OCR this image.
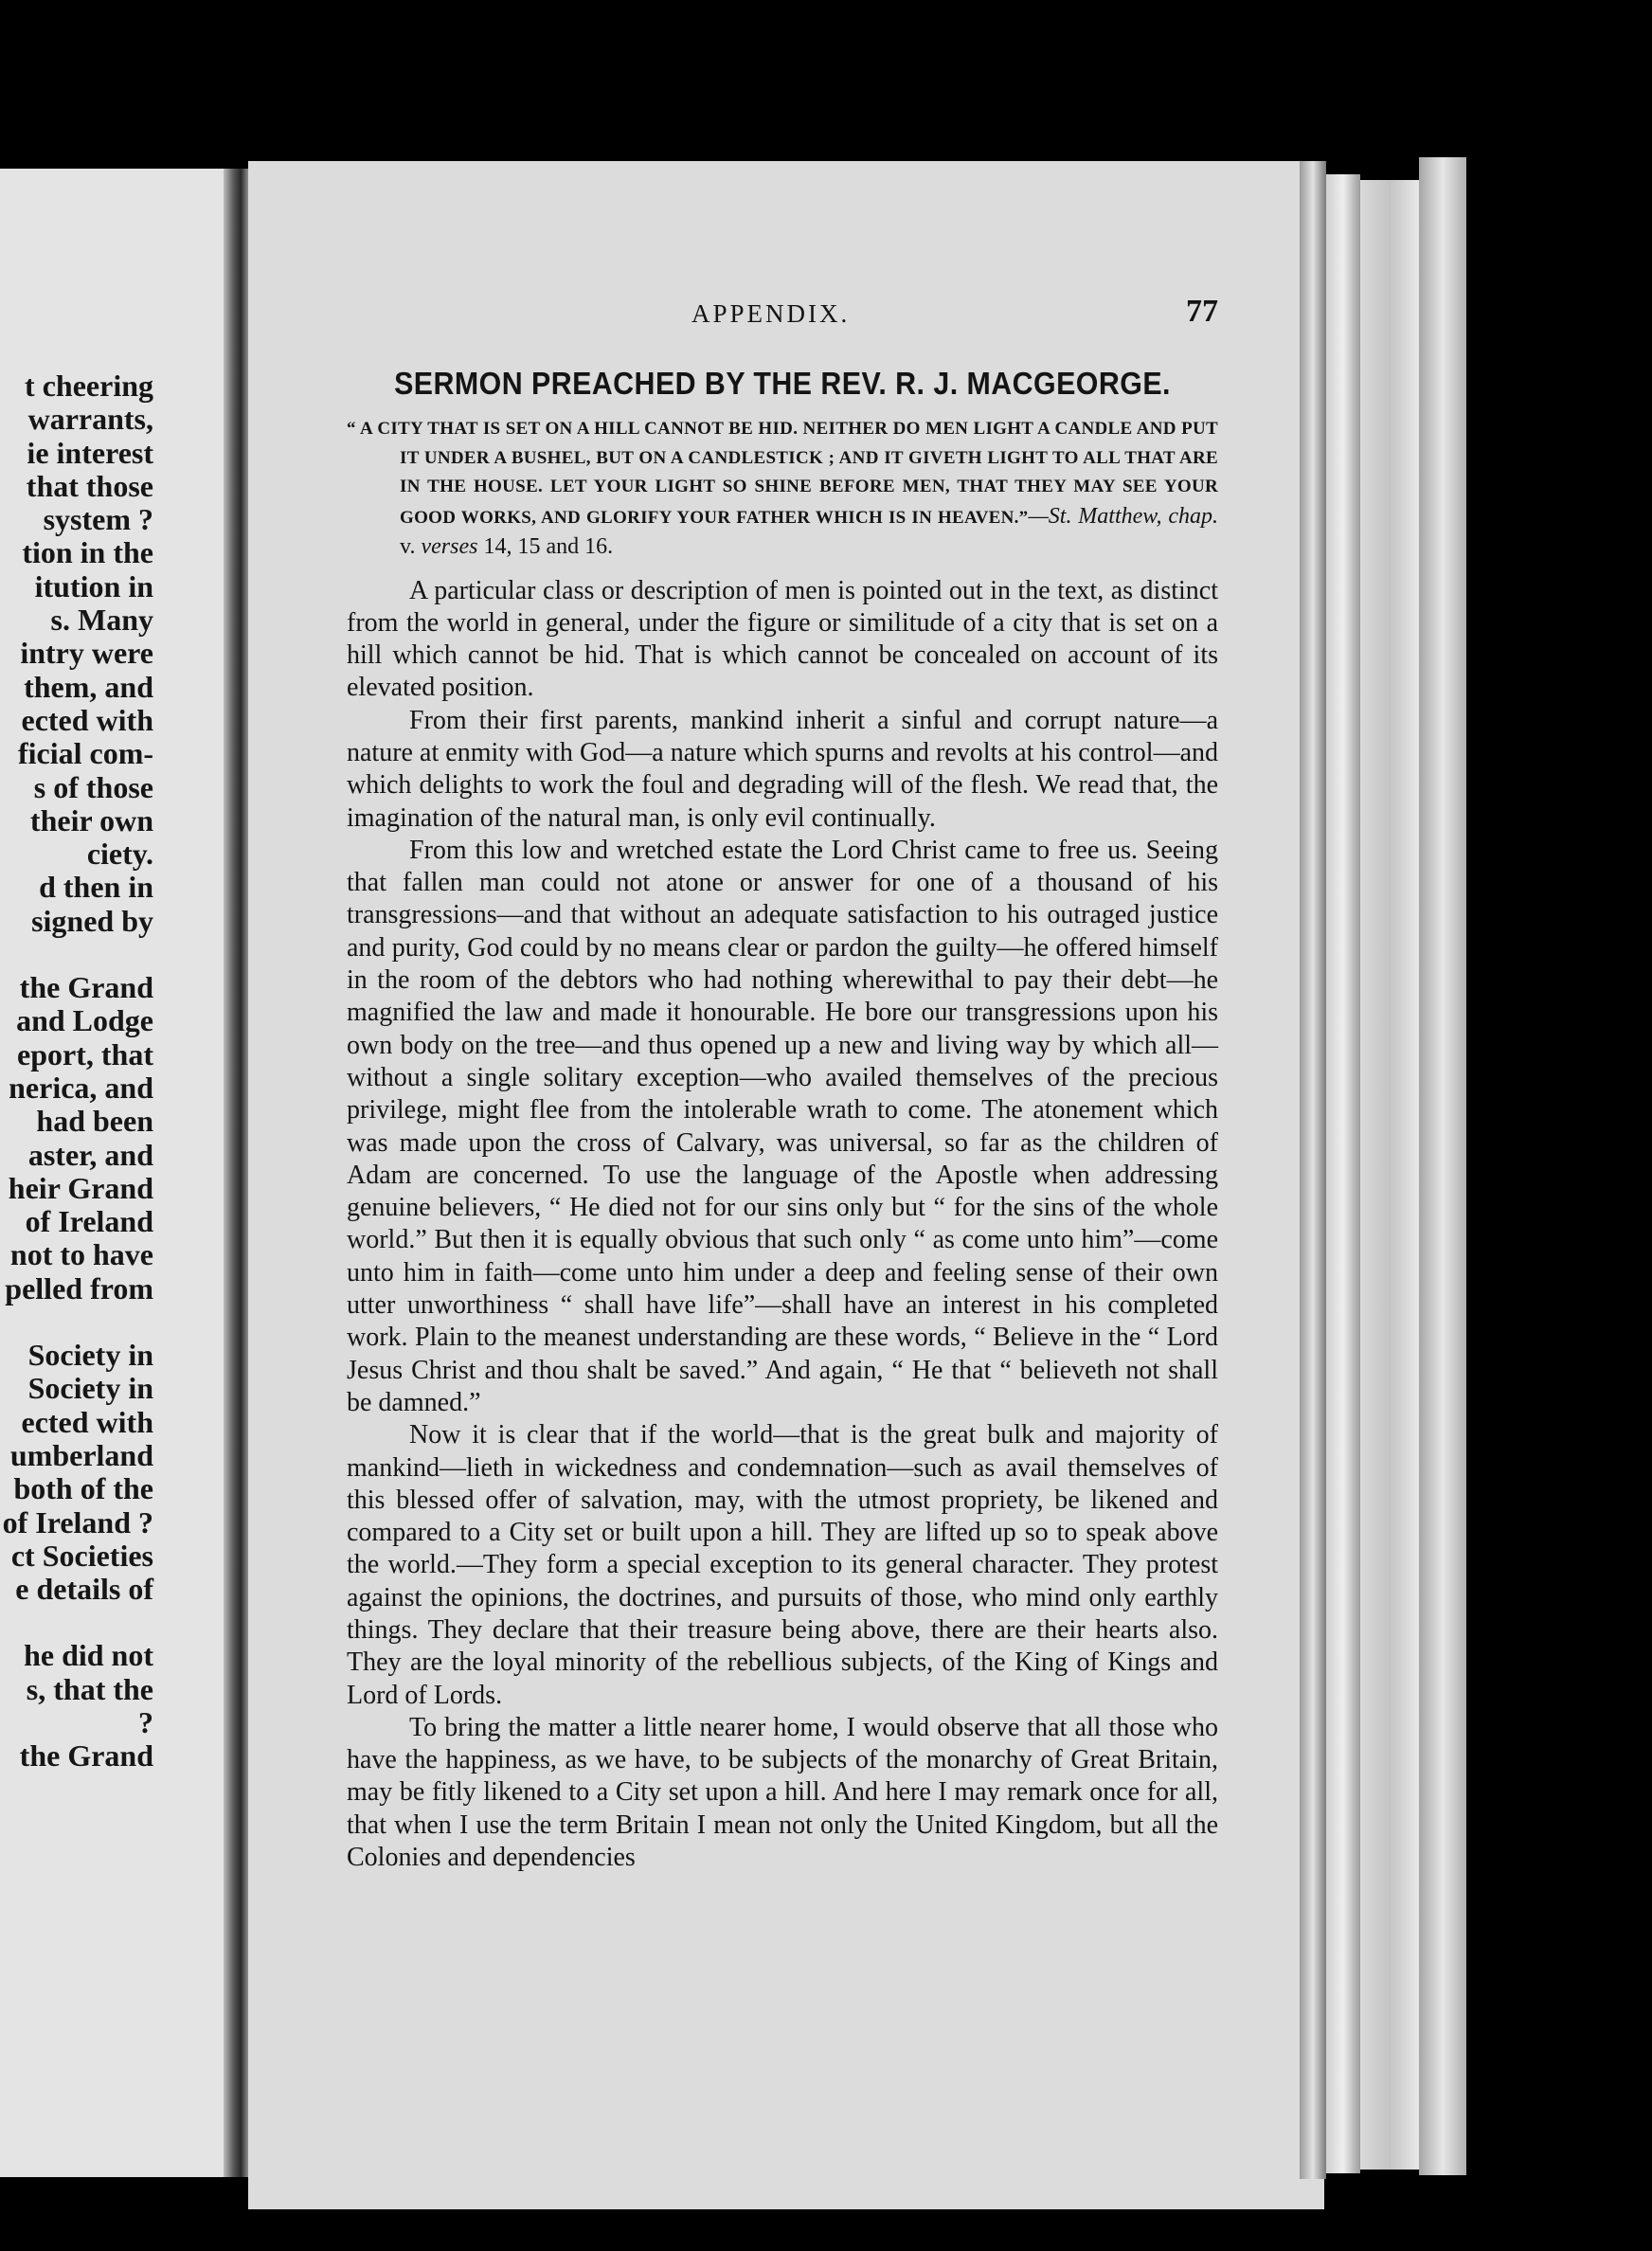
t cheering
warrants,
ie interest
that those
system ?
tion in the
itution in
s. Many
intry were
them, and
ected with
ficial com-
s of those
their own
ciety.
d then in
signed by
the Grand
and Lodge
eport, that
nerica, and
had been
aster, and
heir Grand
of Ireland
not to have
pelled from
Society in
Society in
ected with
umberland
both of the
of Ireland ?
ct Societies
e details of
he did not
s, that the
?
the Grand
APPENDIX.	77
SERMON PREACHED BY THE REV. R. J. MACGEORGE.

“ A CITY THAT IS SET ON A HILL CANNOT BE HID. NEITHER DO MEN LIGHT A CANDLE AND PUT IT UNDER A BUSHEL, BUT ON A CANDLESTICK ; AND IT GIVETH LIGHT TO ALL THAT ARE IN THE HOUSE. LET YOUR LIGHT SO SHINE BEFORE MEN, THAT THEY MAY SEE YOUR GOOD WORKS, AND GLORIFY YOUR FATHER WHICH IS IN HEAVEN.”—St. Matthew, chap. v. verses 14, 15 and 16.

A particular class or description of men is pointed out in the text, as distinct from the world in general, under the figure or similitude of a city that is set on a hill which cannot be hid. That is which cannot be concealed on account of its elevated position.

From their first parents, mankind inherit a sinful and corrupt nature—a nature at enmity with God—a nature which spurns and revolts at his control—and which delights to work the foul and degrading will of the flesh. We read that, the imagination of the natural man, is only evil continually.

From this low and wretched estate the Lord Christ came to free us. Seeing that fallen man could not atone or answer for one of a thousand of his transgressions—and that without an adequate satisfaction to his outraged justice and purity, God could by no means clear or pardon the guilty—he offered himself in the room of the debtors who had nothing wherewithal to pay their debt—he magnified the law and made it honourable. He bore our transgressions upon his own body on the tree—and thus opened up a new and living way by which all—without a single solitary exception—who availed themselves of the precious privilege, might flee from the intolerable wrath to come. The atonement which was made upon the cross of Calvary, was universal, so far as the children of Adam are concerned. To use the language of the Apostle when addressing genuine believers, “ He died not for our sins only but “ for the sins of the whole world.” But then it is equally obvious that such only “ as come unto him”—come unto him in faith—come unto him under a deep and feeling sense of their own utter unworthiness “ shall have life”—shall have an interest in his completed work. Plain to the meanest understanding are these words, “ Believe in the “ Lord Jesus Christ and thou shalt be saved.” And again, “ He that “ believeth not shall be damned.”

Now it is clear that if the world—that is the great bulk and majority of mankind—lieth in wickedness and condemnation—such as avail themselves of this blessed offer of salvation, may, with the utmost propriety, be likened and compared to a City set or built upon a hill. They are lifted up so to speak above the world.—They form a special exception to its general character. They protest against the opinions, the doctrines, and pursuits of those, who mind only earthly things. They declare that their treasure being above, there are their hearts also. They are the loyal minority of the rebellious subjects, of the King of Kings and Lord of Lords.

To bring the matter a little nearer home, I would observe that all those who have the happiness, as we have, to be subjects of the monarchy of Great Britain, may be fitly likened to a City set upon a hill. And here I may remark once for all, that when I use the term Britain I mean not only the United Kingdom, but all the Colonies and dependencies
